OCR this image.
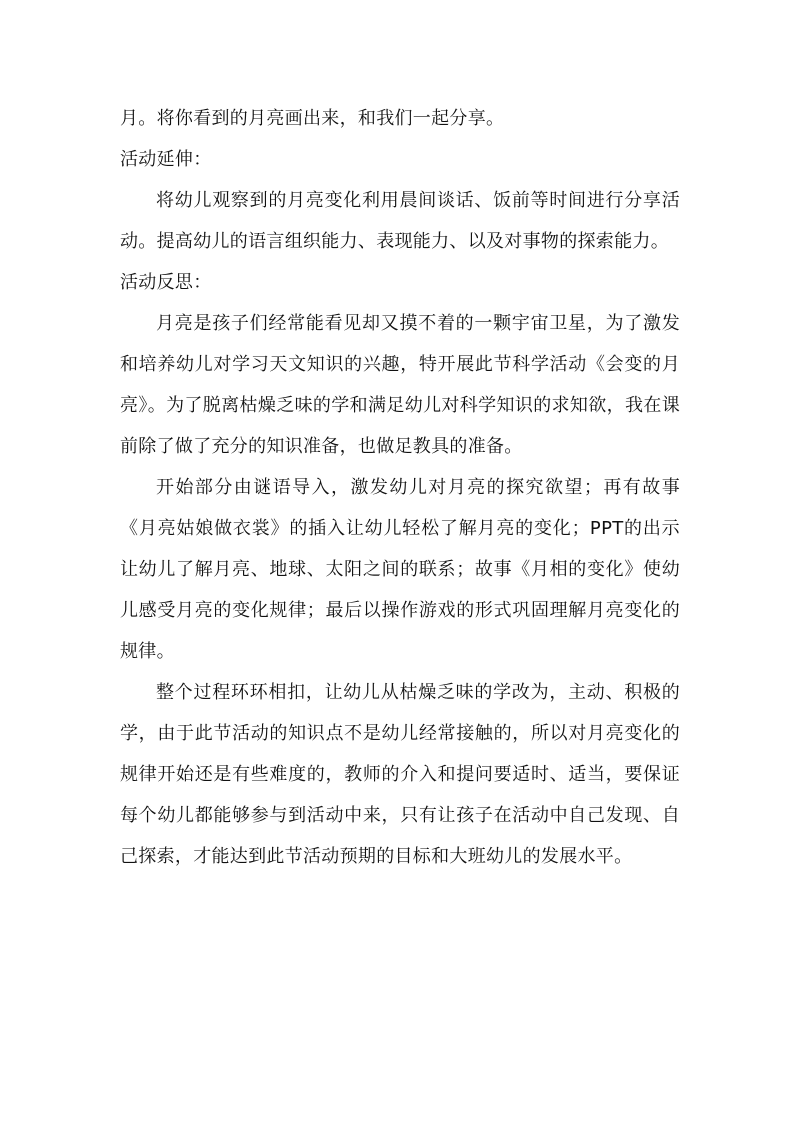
月。将你看到的月亮画出来，和我们一起分享。

活动延伸：

将幼儿观察到的月亮变化利用晨间谈话、饭前等时间进行分享活动。提高幼儿的语言组织能力、表现能力、以及对事物的探索能力。

活动反思：

月亮是孩子们经常能看见却又摸不着的一颗宇宙卫星，为了激发和培养幼儿对学习天文知识的兴趣，特开展此节科学活动《会变的月亮》。为了脱离枯燥乏味的学和满足幼儿对科学知识的求知欲，我在课前除了做了充分的知识准备，也做足教具的准备。

开始部分由谜语导入，激发幼儿对月亮的探究欲望；再有故事《月亮姑娘做衣裳》的插入让幼儿轻松了解月亮的变化；PPT的出示让幼儿了解月亮、地球、太阳之间的联系；故事《月相的变化》使幼儿感受月亮的变化规律；最后以操作游戏的形式巩固理解月亮变化的规律。

整个过程环环相扣，让幼儿从枯燥乏味的学改为，主动、积极的学，由于此节活动的知识点不是幼儿经常接触的，所以对月亮变化的规律开始还是有些难度的，教师的介入和提问要适时、适当，要保证每个幼儿都能够参与到活动中来，只有让孩子在活动中自己发现、自己探索，才能达到此节活动预期的目标和大班幼儿的发展水平。
